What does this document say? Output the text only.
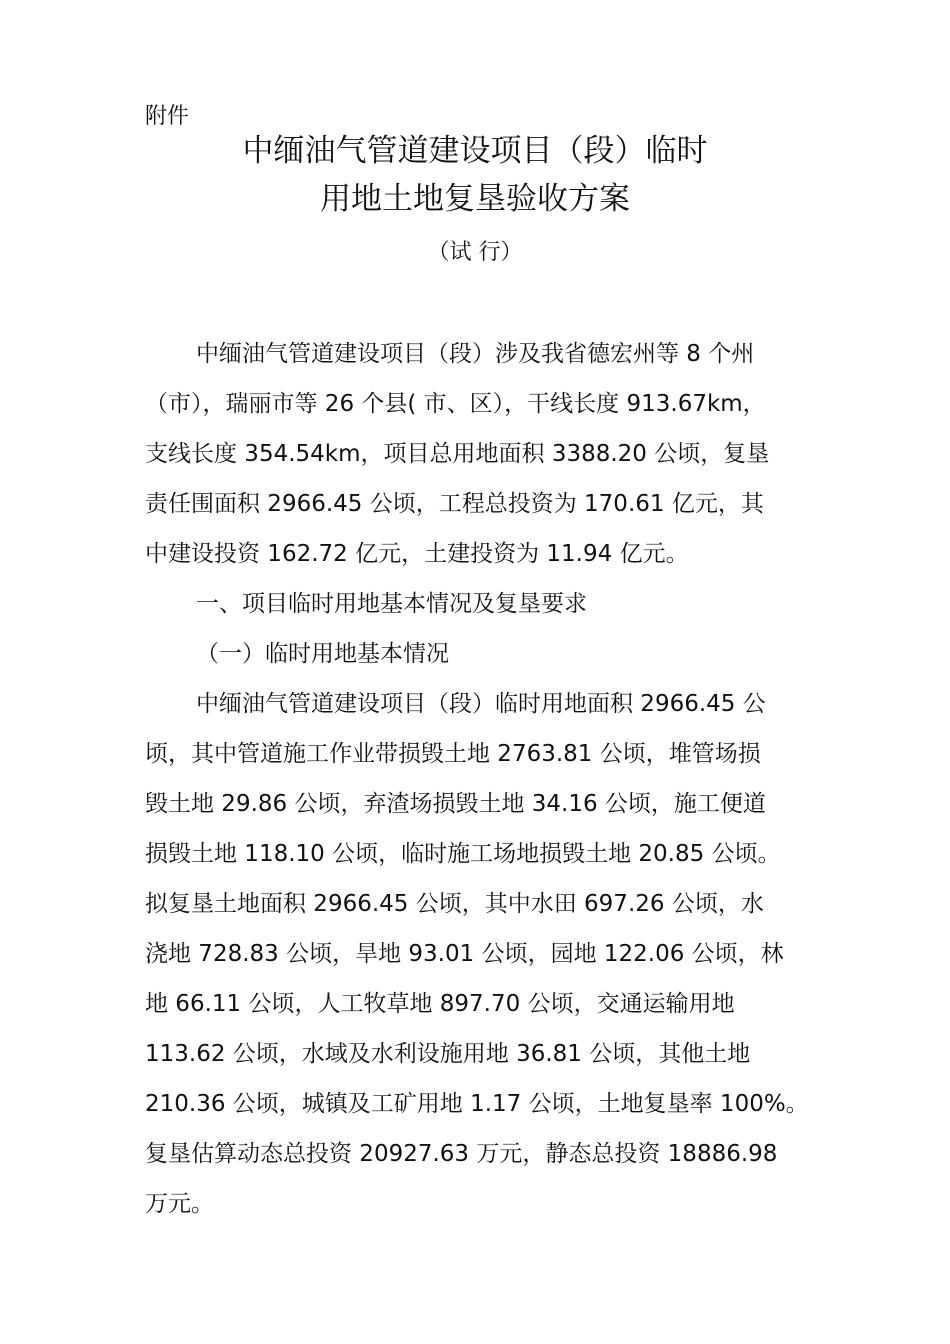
附件
中缅油气管道建设项目（段）临时
用地土地复垦验收方案
（试 行）
中缅油气管道建设项目（段）涉及我省德宏州等 8 个州
（市），瑞丽市等 26 个县( 市、区），干线长度 913.67km，
支线长度 354.54km，项目总用地面积 3388.20 公顷，复垦
责任围面积 2966.45 公顷，工程总投资为 170.61 亿元，其
中建设投资 162.72 亿元，土建投资为 11.94 亿元。
一、项目临时用地基本情况及复垦要求
（一）临时用地基本情况
中缅油气管道建设项目（段）临时用地面积 2966.45 公
顷，其中管道施工作业带损毁土地 2763.81 公顷，堆管场损
毁土地 29.86 公顷，弃渣场损毁土地 34.16 公顷，施工便道
损毁土地 118.10 公顷，临时施工场地损毁土地 20.85 公顷。
拟复垦土地面积 2966.45 公顷，其中水田 697.26 公顷，水
浇地 728.83 公顷，旱地 93.01 公顷，园地 122.06 公顷，林
地 66.11 公顷，人工牧草地 897.70 公顷，交通运输用地
113.62 公顷，水域及水利设施用地 36.81 公顷，其他土地
210.36 公顷，城镇及工矿用地 1.17 公顷，土地复垦率 100%。
复垦估算动态总投资 20927.63 万元，静态总投资 18886.98
万元。
